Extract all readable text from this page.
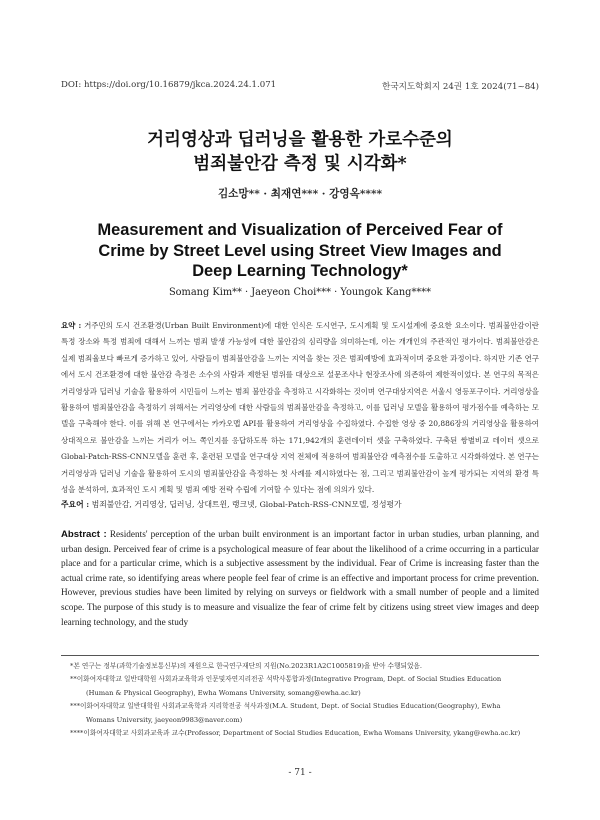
DOI: https://doi.org/10.16879/jkca.2024.24.1.071	한국지도학회지 24권 1호 2024(71~84)
거리영상과 딥러닝을 활용한 가로수준의
범죄불안감 측정 및 시각화*
김소망** · 최재연*** · 강영옥****
Measurement and Visualization of Perceived Fear of
Crime by Street Level using Street View Images and
Deep Learning Technology*
Somang Kim** · Jaeyeon Choi*** · Youngok Kang****

요약 : 거주민의 도시 건조환경(Urban Built Environment)에 대한 인식은 도시연구, 도시계획 및 도시설계에 중요한 요소이다. 범죄불안감이란 특정 장소와 특정 범죄에 대해서 느끼는 범죄 발생 가능성에 대한 불안감의 심리량을 의미하는데, 이는 개개인의 주관적인 평가이다. 범죄불안감은 실제 범죄율보다 빠르게 증가하고 있어, 사람들이 범죄불안감을 느끼는 지역을 찾는 것은 범죄예방에 효과적이며 중요한 과정이다. 하지만 기존 연구에서 도시 건조환경에 대한 불안감 측정은 소수의 사람과 제한된 범위를 대상으로 설문조사나 현장조사에 의존하여 제한적이었다. 본 연구의 목적은 거리영상과 딥러닝 기술을 활용하여 시민들이 느끼는 범죄 불안감을 측정하고 시각화하는 것이며 연구대상지역은 서울시 영등포구이다. 거리영상을 활용하여 범죄불안감을 측정하기 위해서는 거리영상에 대한 사람들의 범죄불안감을 측정하고, 이를 딥러닝 모델을 활용하여 평가점수를 예측하는 모델을 구축해야 한다. 이를 위해 본 연구에서는 카카오맵 API를 활용하여 거리영상을 수집하였다. 수집한 영상 중 20,886장의 거리영상을 활용하여 상대적으로 불안감을 느끼는 거리가 어느 쪽인지를 응답하도록 하는 171,942개의 훈련데이터 셋을 구축하였다. 구축된 쌍별비교 데이터 셋으로 Global-Patch-RSS-CNN모델을 훈련 후, 훈련된 모델을 연구대상 지역 전체에 적용하여 범죄불안감 예측점수를 도출하고 시각화하였다. 본 연구는 거리영상과 딥러닝 기술을 활용하여 도시의 범죄불안감을 측정하는 첫 사례를 제시하였다는 점, 그리고 범죄불안감이 높게 평가되는 지역의 환경 특성을 분석하여, 효과적인 도시 계획 및 범죄 예방 전략 수립에 기여할 수 있다는 점에 의의가 있다.

주요어 : 범죄불안감, 거리영상, 딥러닝, 상대트윈, 랭크넷, Global-Patch-RSS-CNN모델, 정성평가

Abstract : Residents' perception of the urban built environment is an important factor in urban studies, urban planning, and urban design. Perceived fear of crime is a psychological measure of fear about the likelihood of a crime occurring in a particular place and for a particular crime, which is a subjective assessment by the individual. Fear of Crime is increasing faster than the actual crime rate, so identifying areas where people feel fear of crime is an effective and important process for crime prevention. However, previous studies have been limited by relying on surveys or fieldwork with a small number of people and a limited scope. The purpose of this study is to measure and visualize the fear of crime felt by citizens using street view images and deep learning technology, and the study

*본 연구는 정부(과학기술정보통신부)의 재원으로 한국연구재단의 지원(No.2023R1A2C1005819)을 받아 수행되었음.

**이화여자대학교 일반대학원 사회과교육학과 인문및자연지리전공 석박사통합과정(Integrative Program, Dept. of Social Studies Education

(Human & Physical Geography), Ewha Womans University, somang@ewha.ac.kr)

***이화여자대학교 일반대학원 사회과교육학과 지리학전공 석사과정(M.A. Student, Dept. of Social Studies Education(Geography), Ewha

Womans University, jaeyeon9983@naver.com)

****이화여자대학교 사회과교육과 교수(Professor, Department of Social Studies Education, Ewha Womans University, ykang@ewha.ac.kr)

- 71 -
